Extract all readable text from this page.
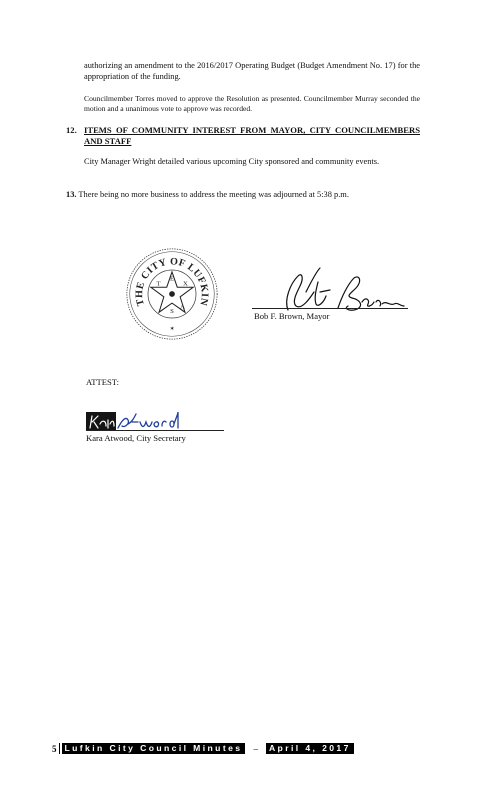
authorizing an amendment to the 2016/2017 Operating Budget (Budget Amendment No. 17) for the appropriation of the funding.

Councilmember Torres moved to approve the Resolution as presented. Councilmember Murray seconded the motion and a unanimous vote to approve was recorded.

12. ITEMS OF COMMUNITY INTEREST FROM MAYOR, CITY COUNCILMEMBERS AND STAFF
City Manager Wright detailed various upcoming City sponsored and community events.

13. There being no more business to address the meeting was adjourned at 5:38 p.m.

THE CITY OF LUFKIN
T
E
X
A
S
✶
Bob F. Brown, Mayor
ATTEST:
Kara Atwood, City Secretary
5 Lufkin City Council Minutes	–	April 4, 2017
